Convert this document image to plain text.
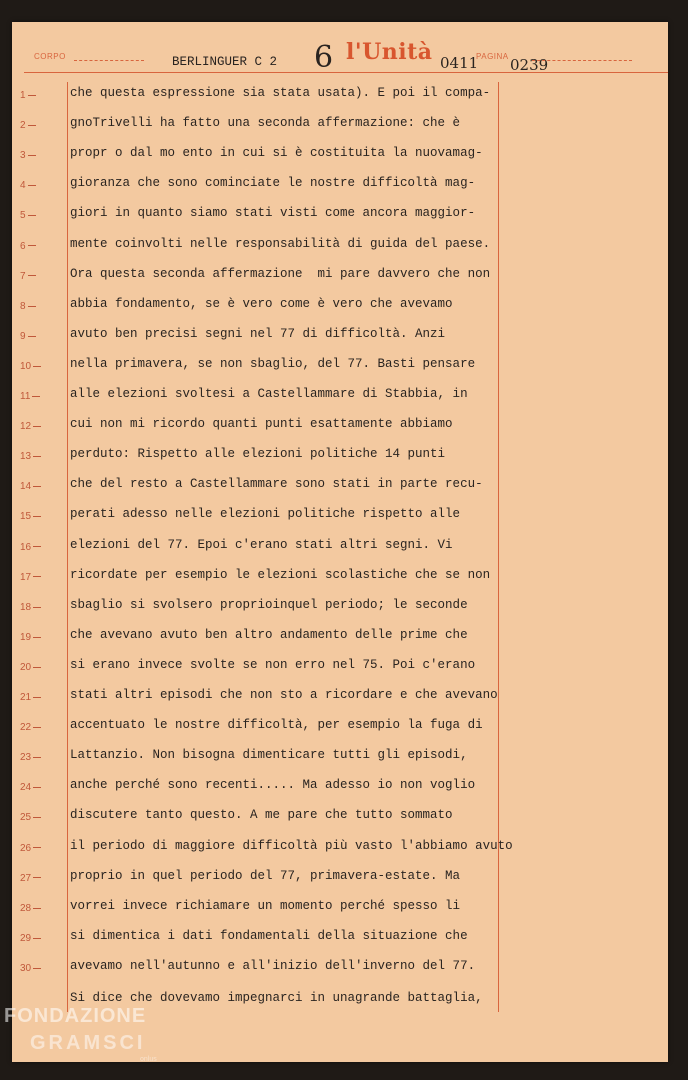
CORPO	BERLINGUER C 2 6 l'Unità 0411
PAGINA 0239
1	che questa espressione sia stata usata). E poi il compa-
2	gnoTrivelli ha fatto una seconda affermazione: che è
3	propr o dal mo ento in cui si è costituita la nuovamag-
4	gioranza che sono cominciate le nostre difficoltà mag-
5	giori in quanto siamo stati visti come ancora maggior-
6	mente coinvolti nelle responsabilità di guida del paese.
7	Ora questa seconda affermazione  mi pare davvero che non
8	abbia fondamento, se è vero come è vero che avevamo
9	avuto ben precisi segni nel 77 di difficoltà. Anzi
10	nella primavera, se non sbaglio, del 77. Basti pensare
11	alle elezioni svoltesi a Castellammare di Stabbia, in
12	cui non mi ricordo quanti punti esattamente abbiamo
13	perduto: Rispetto alle elezioni politiche 14 punti
14	che del resto a Castellammare sono stati in parte recu-
15	perati adesso nelle elezioni politiche rispetto alle
16	elezioni del 77. Epoi c'erano stati altri segni. Vi
17	ricordate per esempio le elezioni scolastiche che se non
18	sbaglio si svolsero proprioinquel periodo; le seconde
19	che avevano avuto ben altro andamento delle prime che
20	si erano invece svolte se non erro nel 75. Poi c'erano
21	stati altri episodi che non sto a ricordare e che avevano
22	accentuato le nostre difficoltà, per esempio la fuga di
23	Lattanzio. Non bisogna dimenticare tutti gli episodi,
24	anche perché sono recenti..... Ma adesso io non voglio
25	discutere tanto questo. A me pare che tutto sommato
26	il periodo di maggiore difficoltà più vasto l'abbiamo avuto
27	proprio in quel periodo del 77, primavera-estate. Ma
28	vorrei invece richiamare un momento perché spesso li
29	si dimentica i dati fondamentali della situazione che
30	avevamo nell'autunno e all'inizio dell'inverno del 77.
Si dice che dovevamo impegnarci in unagrande battaglia,
FONDAZIONE
GRAMSCI
onlus
